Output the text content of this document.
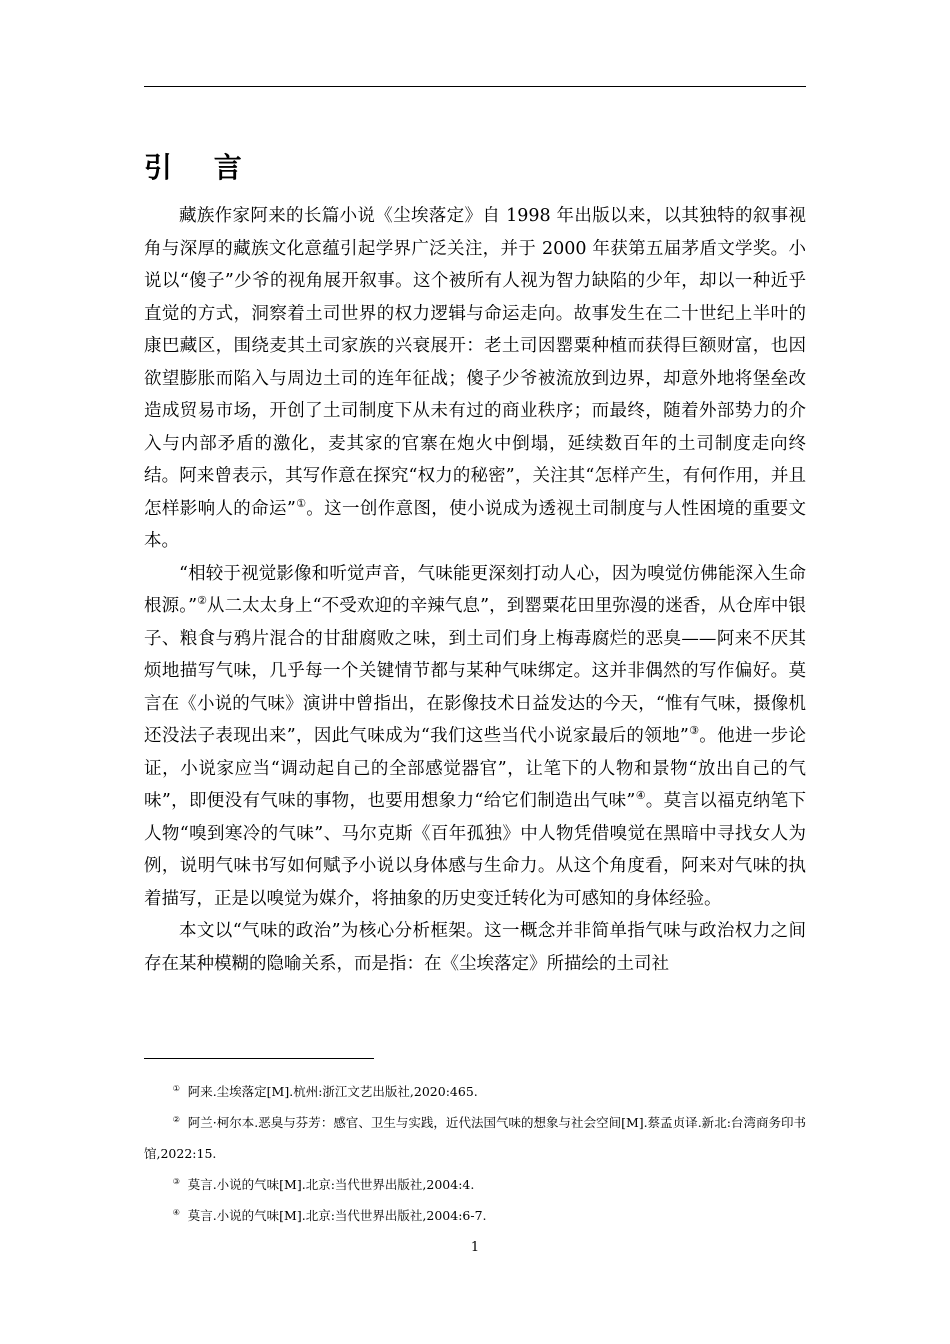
引 言

藏族作家阿来的长篇小说《尘埃落定》自 1998 年出版以来，以其独特的叙事视角与深厚的藏族文化意蕴引起学界广泛关注，并于 2000 年获第五届茅盾文学奖。小说以“傻子”少爷的视角展开叙事。这个被所有人视为智力缺陷的少年，却以一种近乎直觉的方式，洞察着土司世界的权力逻辑与命运走向。故事发生在二十世纪上半叶的康巴藏区，围绕麦其土司家族的兴衰展开：老土司因罂粟种植而获得巨额财富，也因欲望膨胀而陷入与周边土司的连年征战；傻子少爷被流放到边界，却意外地将堡垒改造成贸易市场，开创了土司制度下从未有过的商业秩序；而最终，随着外部势力的介入与内部矛盾的激化，麦其家的官寨在炮火中倒塌，延续数百年的土司制度走向终结。阿来曾表示，其写作意在探究“权力的秘密”，关注其“怎样产生，有何作用，并且怎样影响人的命运”①。这一创作意图，使小说成为透视土司制度与人性困境的重要文本。

“相较于视觉影像和听觉声音，气味能更深刻打动人心，因为嗅觉仿佛能深入生命根源。”②从二太太身上“不受欢迎的辛辣气息”，到罂粟花田里弥漫的迷香，从仓库中银子、粮食与鸦片混合的甘甜腐败之味，到土司们身上梅毒腐烂的恶臭——阿来不厌其烦地描写气味，几乎每一个关键情节都与某种气味绑定。这并非偶然的写作偏好。莫言在《小说的气味》演讲中曾指出，在影像技术日益发达的今天，“惟有气味，摄像机还没法子表现出来”，因此气味成为“我们这些当代小说家最后的领地”③。他进一步论证，小说家应当“调动起自己的全部感觉器官”，让笔下的人物和景物“放出自己的气味”，即便没有气味的事物，也要用想象力“给它们制造出气味”④。莫言以福克纳笔下人物“嗅到寒冷的气味”、马尔克斯《百年孤独》中人物凭借嗅觉在黑暗中寻找女人为例，说明气味书写如何赋予小说以身体感与生命力。从这个角度看，阿来对气味的执着描写，正是以嗅觉为媒介，将抽象的历史变迁转化为可感知的身体经验。

本文以“气味的政治”为核心分析框架。这一概念并非简单指气味与政治权力之间存在某种模糊的隐喻关系，而是指：在《尘埃落定》所描绘的土司社

① 阿来.尘埃落定[M].杭州:浙江文艺出版社,2020:465.

② 阿兰·柯尔本.恶臭与芬芳：感官、卫生与实践，近代法国气味的想象与社会空间[M].蔡孟贞译.新北:台湾商务印书馆,2022:15.

③ 莫言.小说的气味[M].北京:当代世界出版社,2004:4.

④ 莫言.小说的气味[M].北京:当代世界出版社,2004:6-7.

1
